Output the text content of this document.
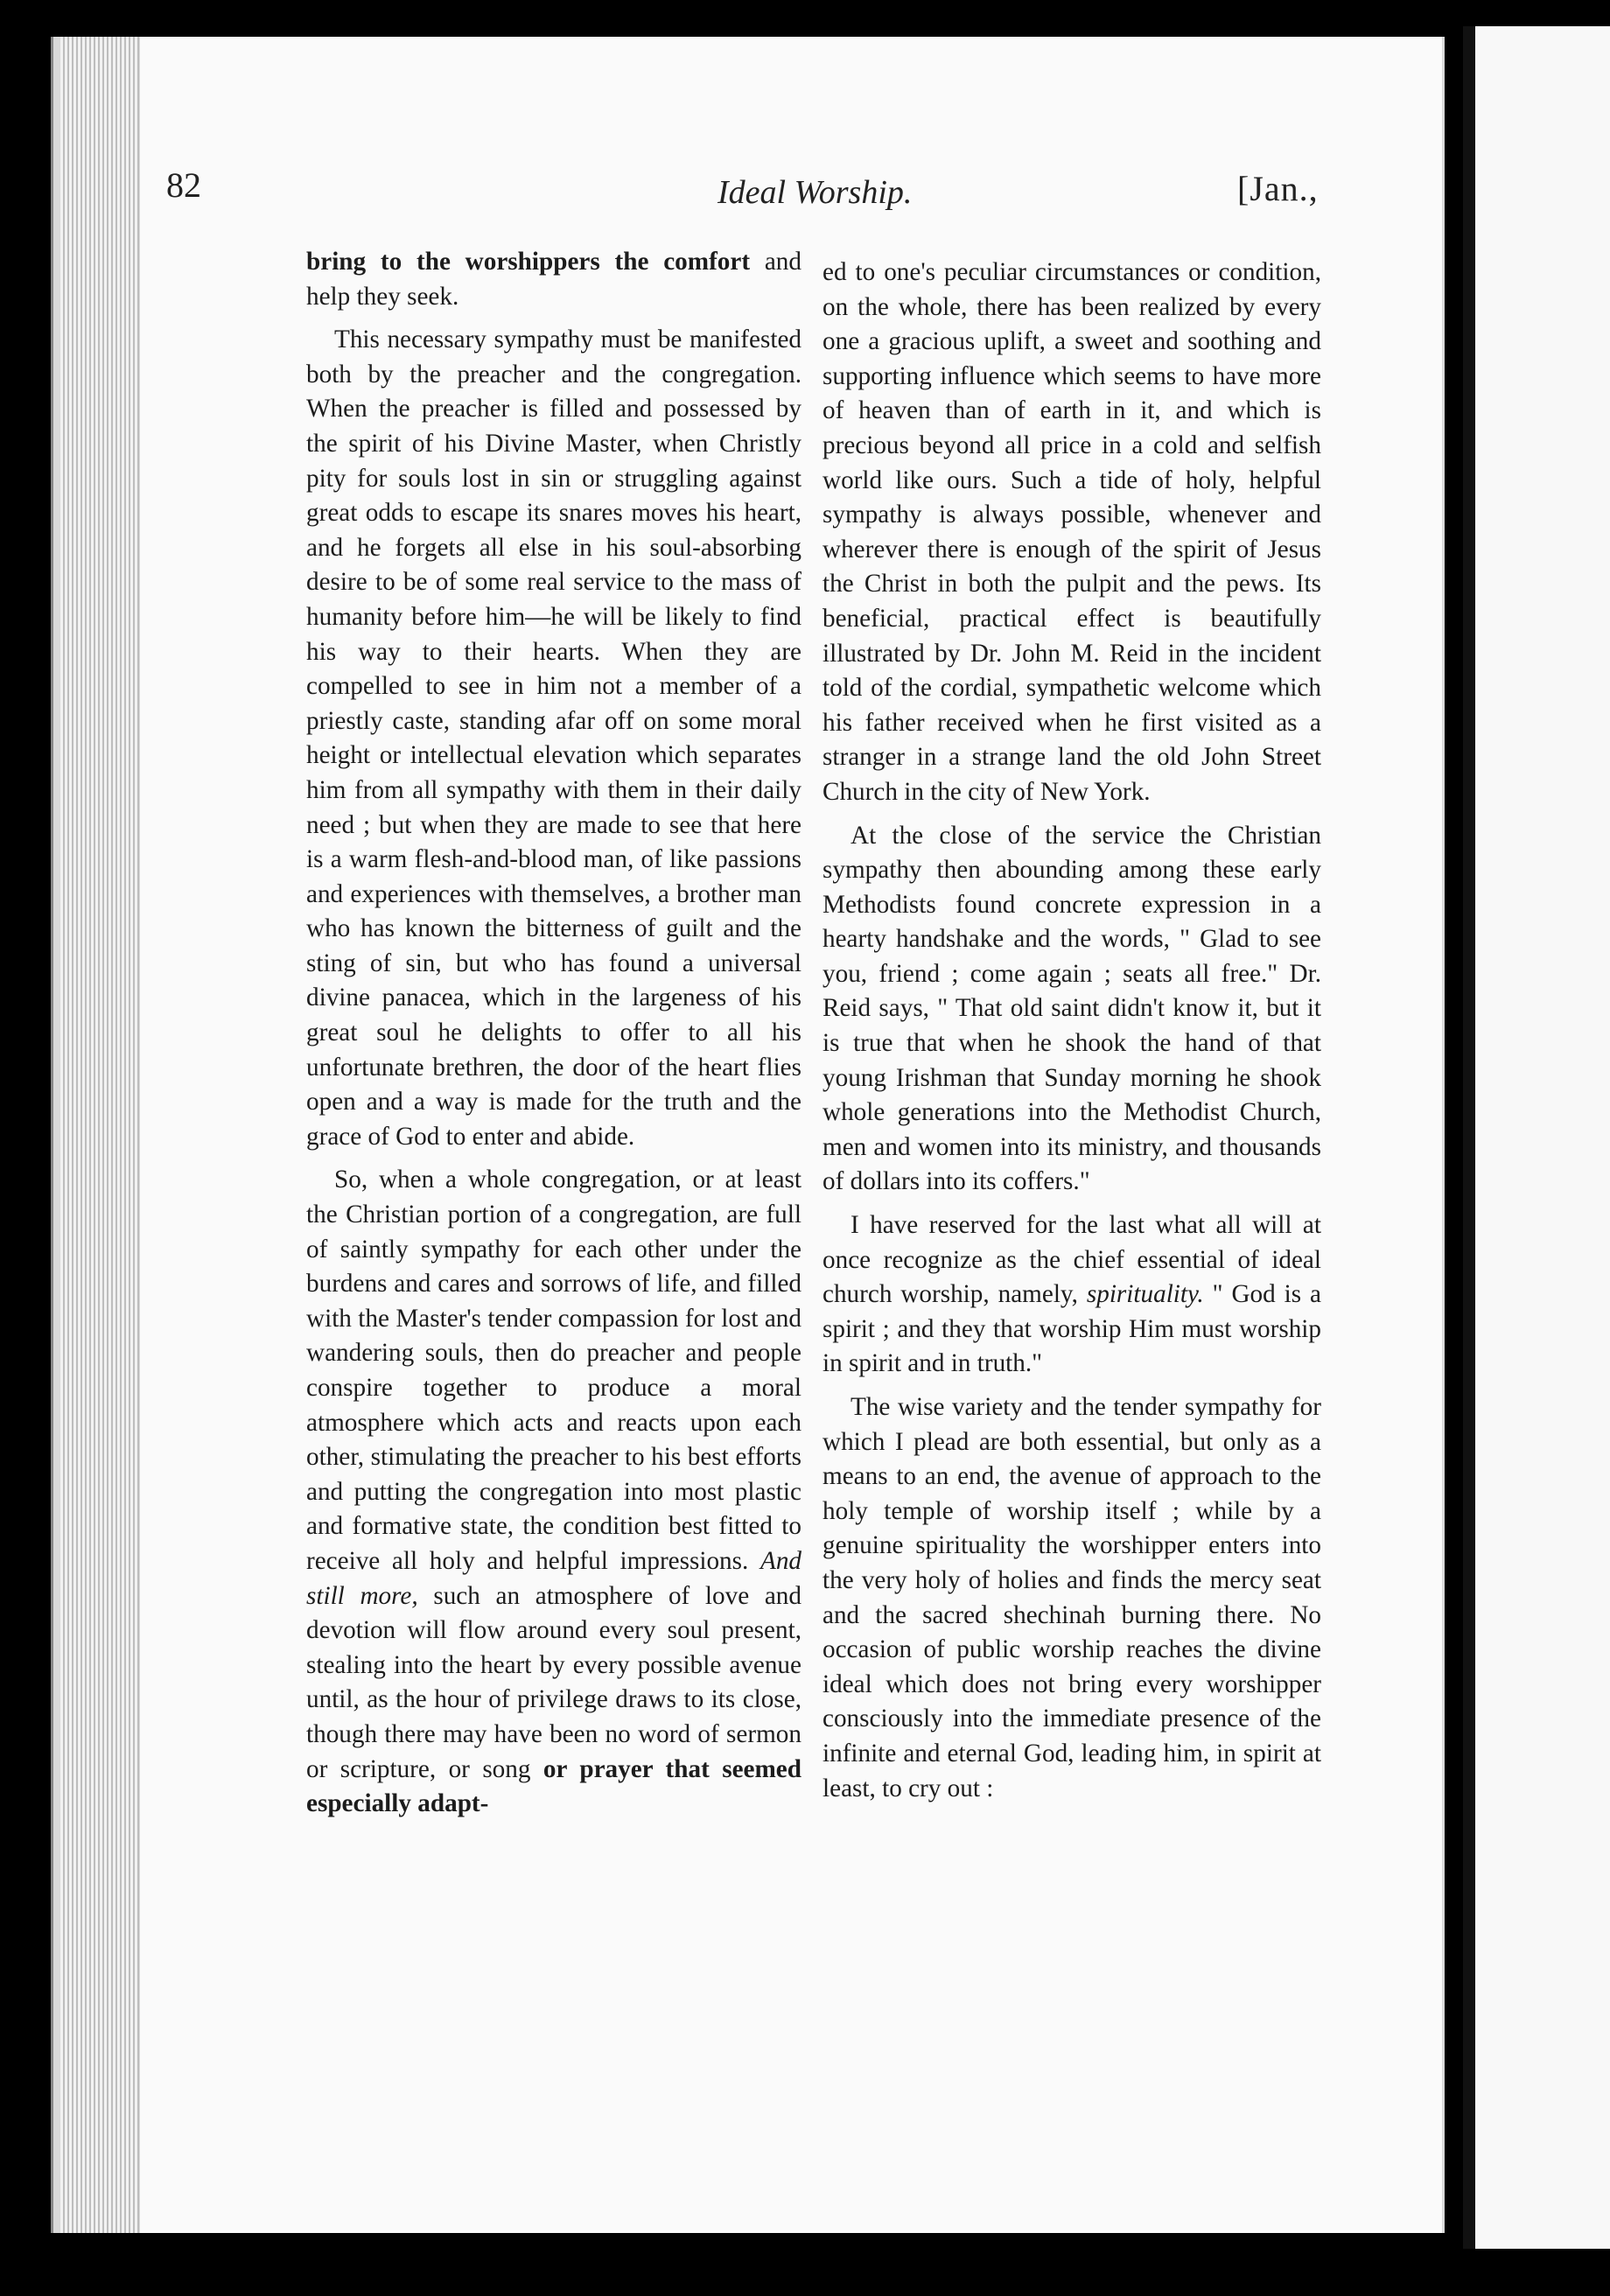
82	Ideal Worship.	[Jan.,

bring to the worshippers the comfort and help they seek.

This necessary sympathy must be manifested both by the preacher and the congregation. When the preacher is filled and possessed by the spirit of his Divine Master, when Christly pity for souls lost in sin or struggling against great odds to escape its snares moves his heart, and he forgets all else in his soul-absorbing desire to be of some real service to the mass of humanity before him—he will be likely to find his way to their hearts. When they are compelled to see in him not a member of a priestly caste, standing afar off on some moral height or intellectual elevation which separates him from all sympathy with them in their daily need ; but when they are made to see that here is a warm flesh-and-blood man, of like passions and experiences with themselves, a brother man who has known the bitterness of guilt and the sting of sin, but who has found a universal divine panacea, which in the largeness of his great soul he delights to offer to all his unfortunate brethren, the door of the heart flies open and a way is made for the truth and the grace of God to enter and abide.

So, when a whole congregation, or at least the Christian portion of a congregation, are full of saintly sympathy for each other under the burdens and cares and sorrows of life, and filled with the Master's tender compassion for lost and wandering souls, then do preacher and people conspire together to produce a moral atmosphere which acts and reacts upon each other, stimulating the preacher to his best efforts and putting the congregation into most plastic and formative state, the condition best fitted to receive all holy and helpful impressions. And still more, such an atmosphere of love and devotion will flow around every soul present, stealing into the heart by every possible avenue until, as the hour of privilege draws to its close, though there may have been no word of sermon or scripture, or song or prayer that seemed especially adapt-

ed to one's peculiar circumstances or condition, on the whole, there has been realized by every one a gracious uplift, a sweet and soothing and supporting influence which seems to have more of heaven than of earth in it, and which is precious beyond all price in a cold and selfish world like ours. Such a tide of holy, helpful sympathy is always possible, whenever and wherever there is enough of the spirit of Jesus the Christ in both the pulpit and the pews. Its beneficial, practical effect is beautifully illustrated by Dr. John M. Reid in the incident told of the cordial, sympathetic welcome which his father received when he first visited as a stranger in a strange land the old John Street Church in the city of New York.

At the close of the service the Christian sympathy then abounding among these early Methodists found concrete expression in a hearty handshake and the words, " Glad to see you, friend ; come again ; seats all free." Dr. Reid says, " That old saint didn't know it, but it is true that when he shook the hand of that young Irishman that Sunday morning he shook whole generations into the Methodist Church, men and women into its ministry, and thousands of dollars into its coffers."

I have reserved for the last what all will at once recognize as the chief essential of ideal church worship, namely, spirituality. " God is a spirit ; and they that worship Him must worship in spirit and in truth."

The wise variety and the tender sympathy for which I plead are both essential, but only as a means to an end, the avenue of approach to the holy temple of worship itself ; while by a genuine spirituality the worshipper enters into the very holy of holies and finds the mercy seat and the sacred shechinah burning there. No occasion of public worship reaches the divine ideal which does not bring every worshipper consciously into the immediate presence of the infinite and eternal God, leading him, in spirit at least, to cry out :
